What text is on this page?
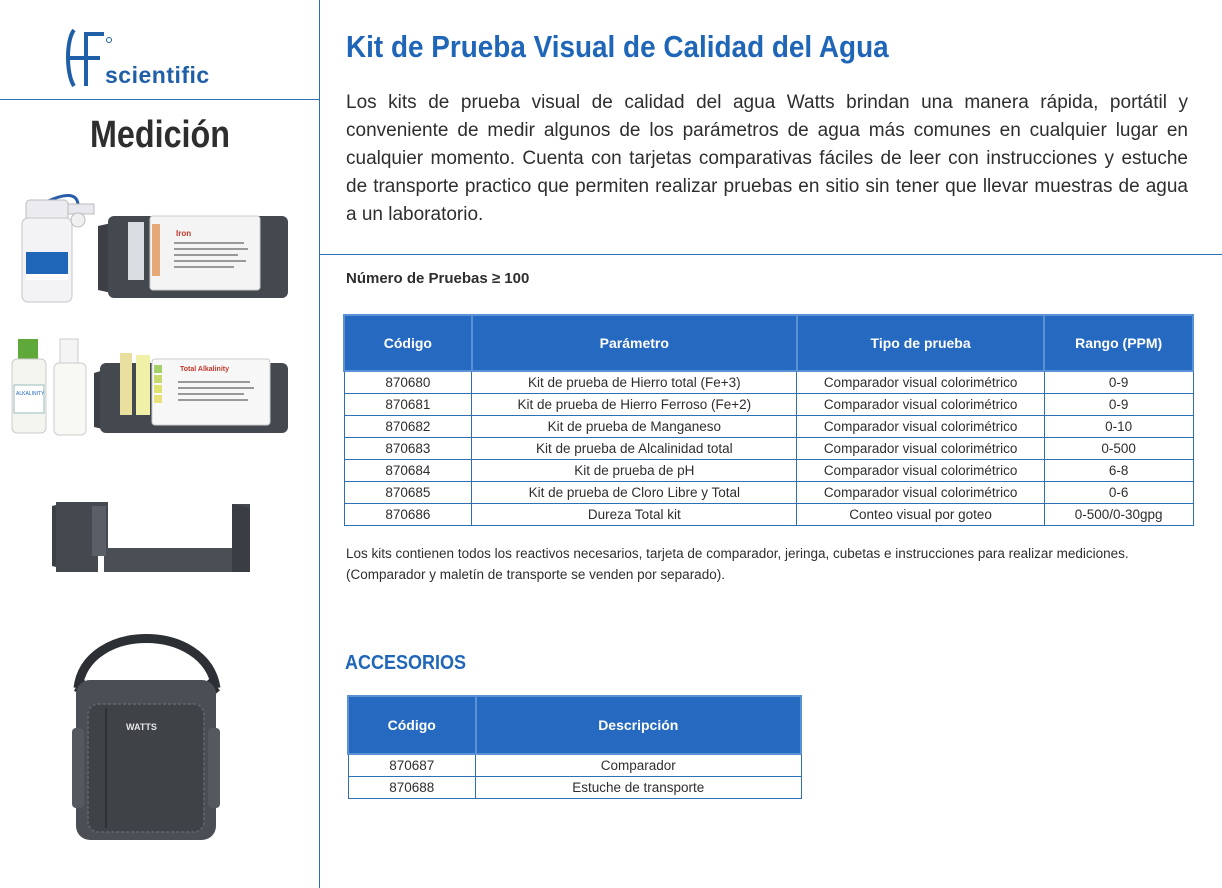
scientific
Medición
Iron
ALKALINITY
Total Alkalinity
WATTS
Kit de Prueba Visual de Calidad del Agua
Los kits de prueba visual de calidad del agua Watts brindan una manera rápida, portátil y conveniente de medir algunos de los parámetros de agua más comunes en cualquier lugar en cualquier momento. Cuenta con tarjetas comparativas fáciles de leer con instrucciones y estuche de transporte practico que permiten realizar pruebas en sitio sin tener que llevar muestras de agua a un laboratorio.
Número de Pruebas ≥ 100
Código	Parámetro	Tipo de prueba	Rango (PPM)
870680	Kit de prueba de Hierro total (Fe+3)	Comparador visual colorimétrico	0-9
870681	Kit de prueba de Hierro Ferroso (Fe+2)	Comparador visual colorimétrico	0-9
870682	Kit de prueba de Manganeso	Comparador visual colorimétrico	0-10
870683	Kit de prueba de Alcalinidad total	Comparador visual colorimétrico	0-500
870684	Kit de prueba de pH	Comparador visual colorimétrico	6-8
870685	Kit de prueba de Cloro Libre y Total	Comparador visual colorimétrico	0-6
870686	Dureza Total kit	Conteo visual por goteo	0-500/0-30gpg
Los kits contienen todos los reactivos necesarios, tarjeta de comparador, jeringa, cubetas e instrucciones para realizar mediciones.
(Comparador y maletín de transporte se venden por separado).
ACCESORIOS
Código	Descripción
870687	Comparador
870688	Estuche de transporte
